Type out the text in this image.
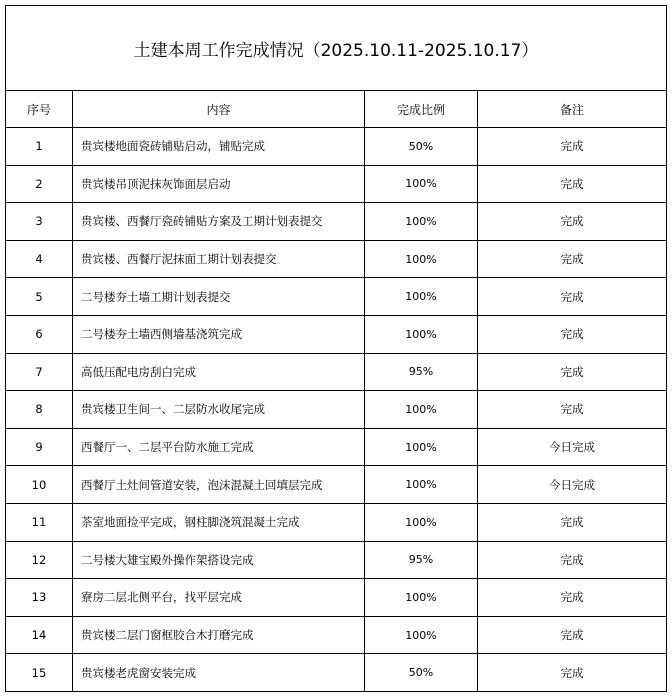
土建本周工作完成情况（2025.10.11-2025.10.17）			
序号	内容	完成比例	备注
1	贵宾楼地面瓷砖铺贴启动，铺贴完成	50%	完成
2	贵宾楼吊顶泥抹灰饰面层启动	100%	完成
3	贵宾楼、西餐厅瓷砖铺贴方案及工期计划表提交	100%	完成
4	贵宾楼、西餐厅泥抹面工期计划表提交	100%	完成
5	二号楼夯土墙工期计划表提交	100%	完成
6	二号楼夯土墙西侧墙基浇筑完成	100%	完成
7	高低压配电房刮白完成	95%	完成
8	贵宾楼卫生间一、二层防水收尾完成	100%	完成
9	西餐厅一、二层平台防水施工完成	100%	今日完成
10	西餐厅土灶间管道安装，泡沫混凝土回填层完成	100%	今日完成
11	茶室地面捡平完成，钢柱脚浇筑混凝土完成	100%	完成
12	二号楼大雄宝殿外操作架搭设完成	95%	完成
13	寮房二层北侧平台，找平层完成	100%	完成
14	贵宾楼二层门窗框胶合木打磨完成	100%	完成
15	贵宾楼老虎窗安装完成	50%	完成
